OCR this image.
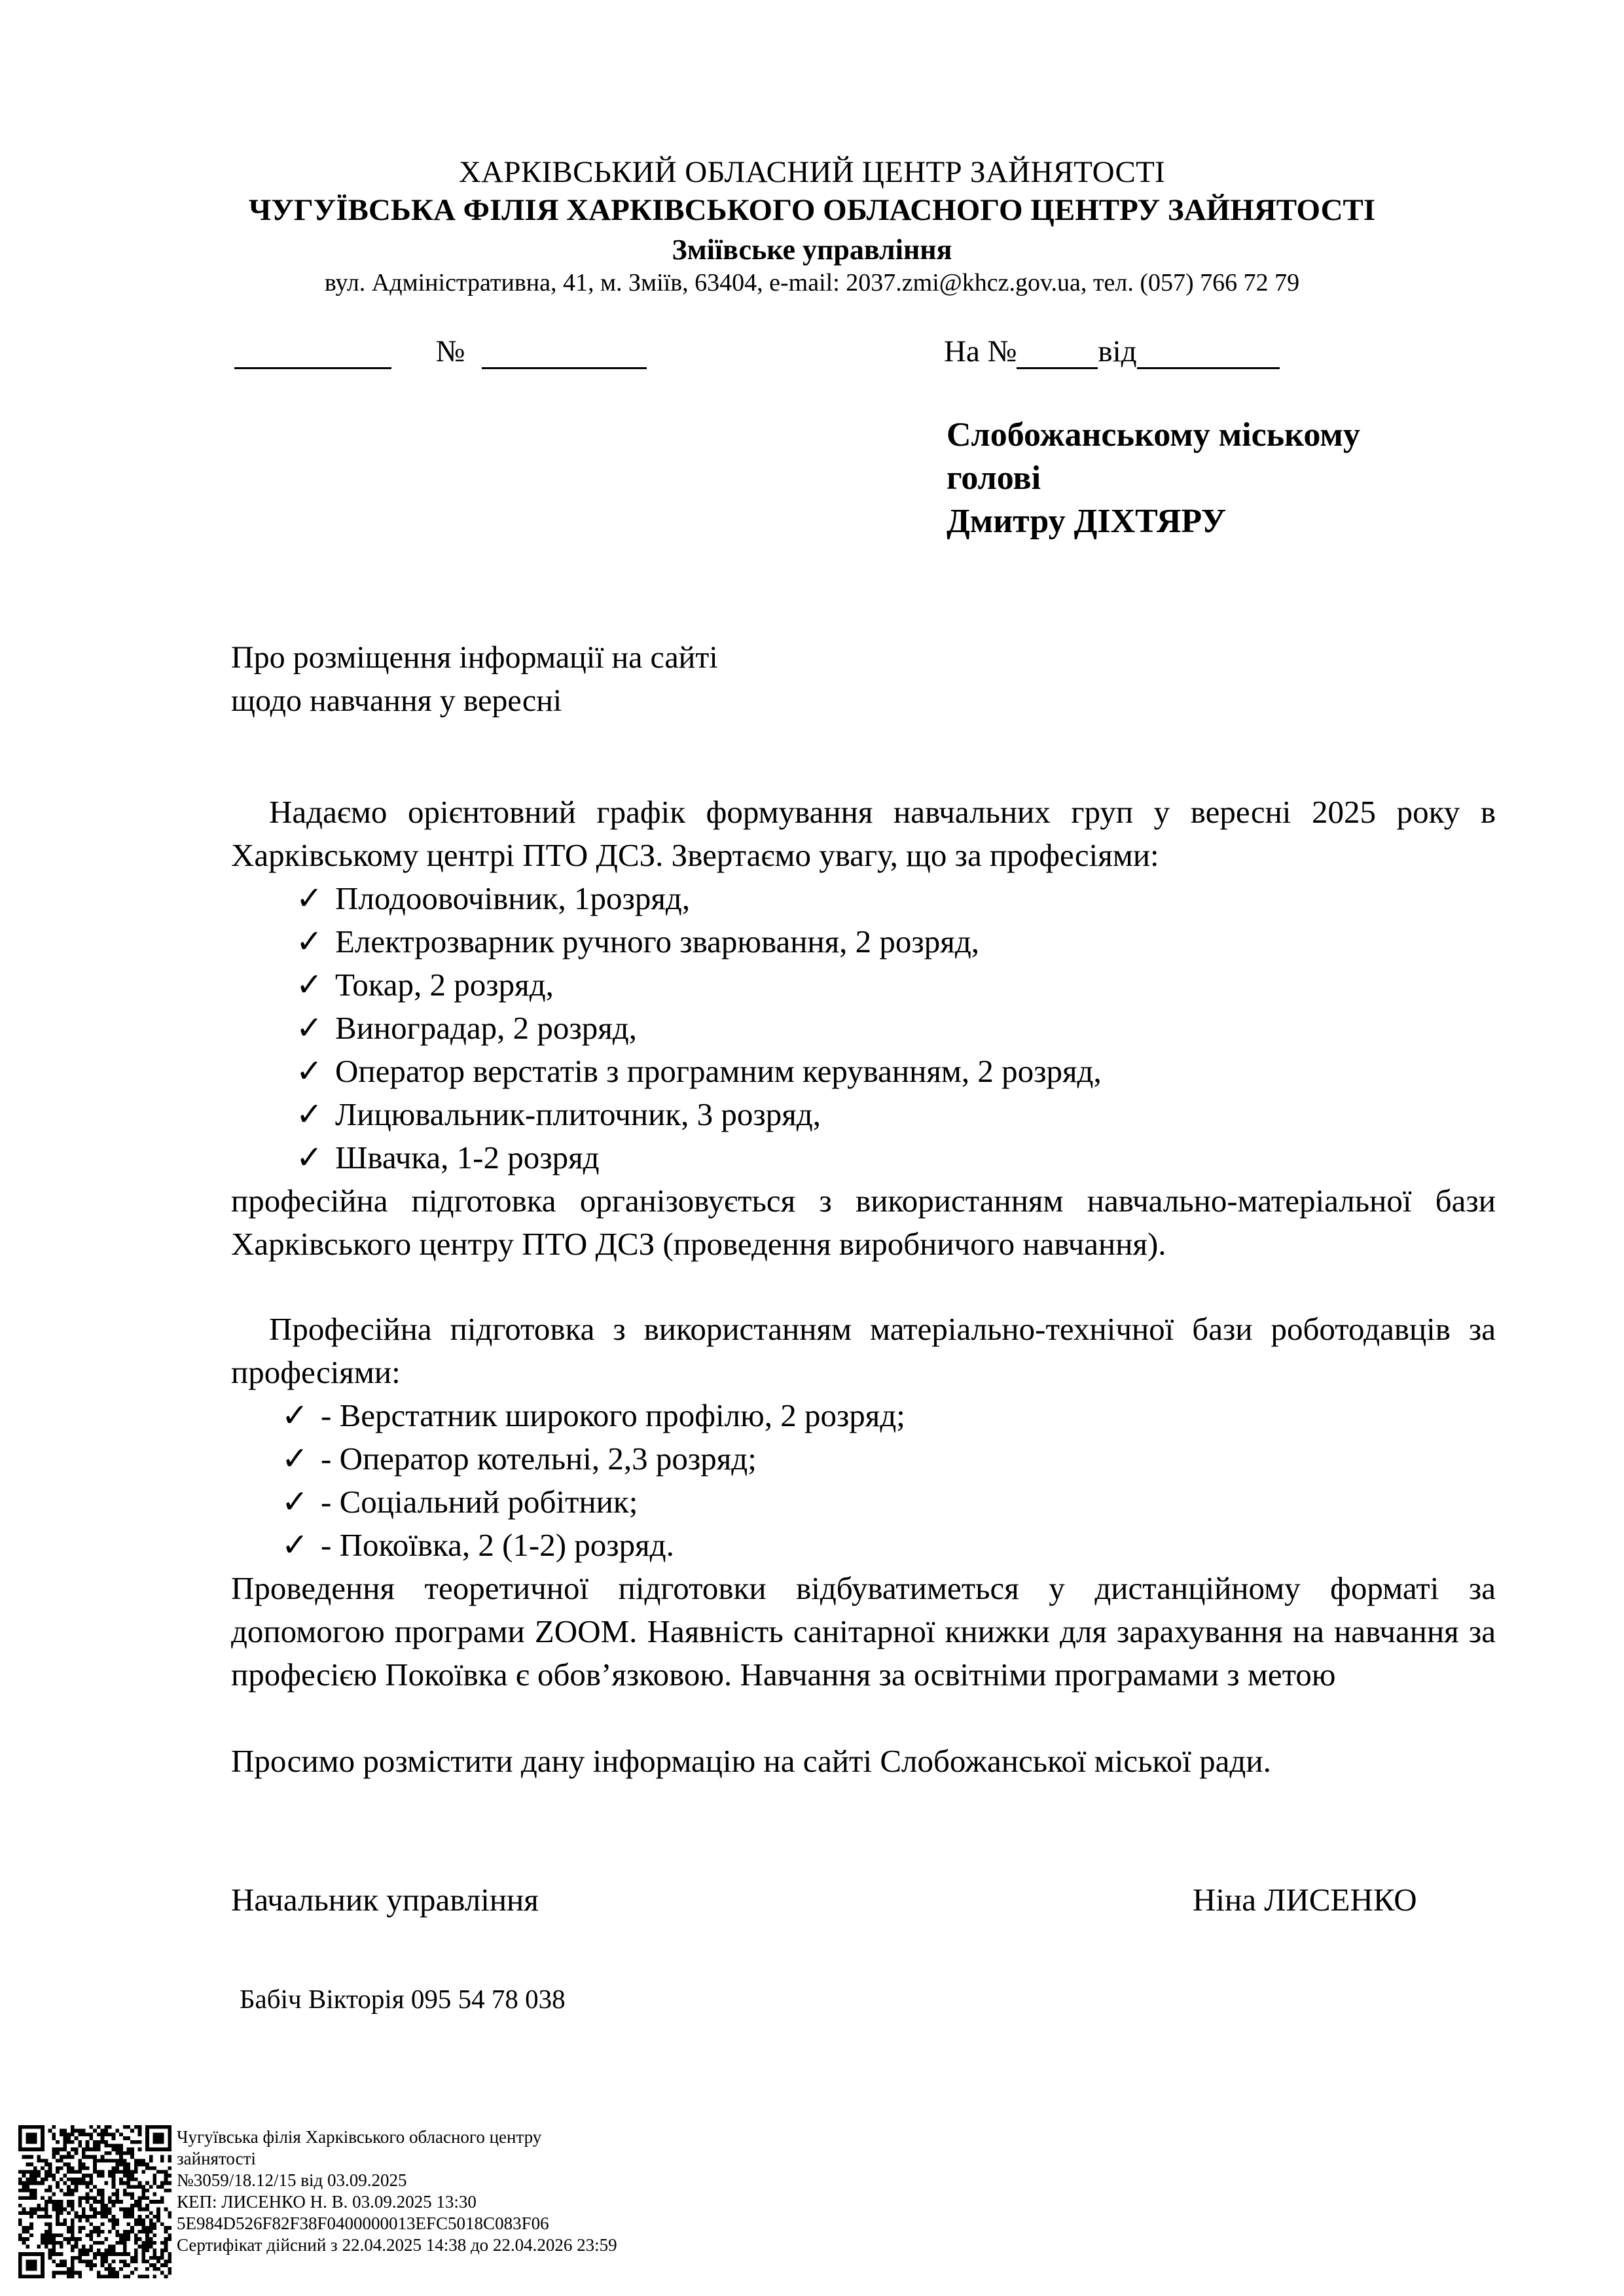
ХАРКІВСЬКИЙ ОБЛАСНИЙ ЦЕНТР ЗАЙНЯТОСТІ
ЧУГУЇВСЬКА ФІЛІЯ ХАРКІВСЬКОГО ОБЛАСНОГО ЦЕНТРУ ЗАЙНЯТОСТІ
Зміївське управління
вул. Адміністративна, 41, м. Зміїв, 63404, e-mail: 2037.zmi@khcz.gov.ua, тел. (057) 766 72 79
№	На №	від
Слобожанському міському
голові
Дмитру ДІХТЯРУ
Про розміщення інформації на сайті
щодо навчання у вересні
Надаємо орієнтовний графік формування навчальних груп у вересні 2025 року в Харківському центрі ПТО ДСЗ. Звертаємо увагу, що за професіями:
✓ Плодоовочівник, 1розряд,
✓ Електрозварник ручного зварювання, 2 розряд,
✓ Токар, 2 розряд,
✓ Виноградар, 2 розряд,
✓ Оператор верстатів з програмним керуванням, 2 розряд,
✓ Лицювальник-плиточник, 3 розряд,
✓ Швачка, 1-2 розряд
професійна підготовка організовується з використанням навчально-матеріальної бази Харківського центру ПТО ДСЗ (проведення виробничого навчання).
Професійна підготовка з використанням матеріально-технічної бази роботодавців за професіями:
✓ - Верстатник широкого профілю, 2 розряд;
✓ - Оператор котельні, 2,3 розряд;
✓ - Соціальний робітник;
✓ - Покоївка, 2 (1-2) розряд.
Проведення теоретичної підготовки відбуватиметься у дистанційному форматі за допомогою програми ZOOM. Наявність санітарної книжки для зарахування на навчання за професією Покоївка є обов’язковою. Навчання за освітніми програмами з метою
Просимо розмістити дану інформацію на сайті Слобожанської міської ради.
Начальник управління	Ніна ЛИСЕНКО
Бабіч Вікторія 095 54 78 038
Чугуївська філія Харківського обласного центру
зайнятості
№3059/18.12/15 від 03.09.2025
КЕП: ЛИСЕНКО Н. В. 03.09.2025 13:30
5E984D526F82F38F0400000013EFC5018C083F06
Сертифікат дійсний з 22.04.2025 14:38 до 22.04.2026 23:59
